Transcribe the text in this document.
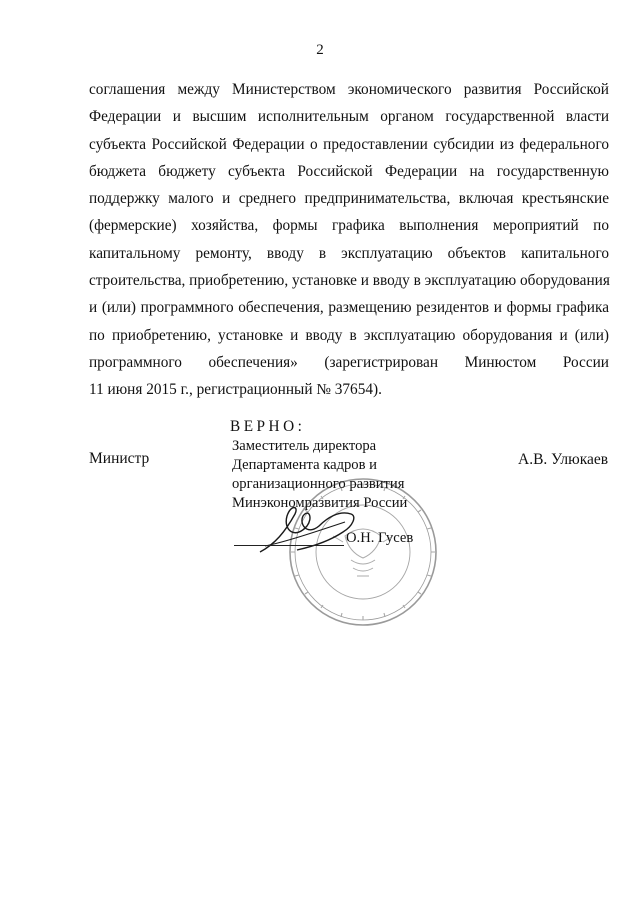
2
соглашения между Министерством экономического развития Российской
Федерации и высшим исполнительным органом государственной власти
субъекта Российской Федерации о предоставлении субсидии из федерального
бюджета бюджету субъекта Российской Федерации на государственную
поддержку малого и среднего предпринимательства, включая крестьянские
(фермерские) хозяйства, формы графика выполнения мероприятий по
капитальному ремонту, вводу в эксплуатацию объектов капитального
строительства, приобретению, установке и вводу в эксплуатацию оборудования
и (или) программного обеспечения, размещению резидентов и формы графика
по приобретению, установке и вводу в эксплуатацию оборудования и (или)
программного обеспечения» (зарегистрирован Минюстом России
11 июня 2015 г., регистрационный № 37654).
Министр	А.В. Улюкаев
ВЕРНО:
Заместитель директора
Департамента кадров и
организационного развития
Минэкономразвития России
О.Н. Гусев
